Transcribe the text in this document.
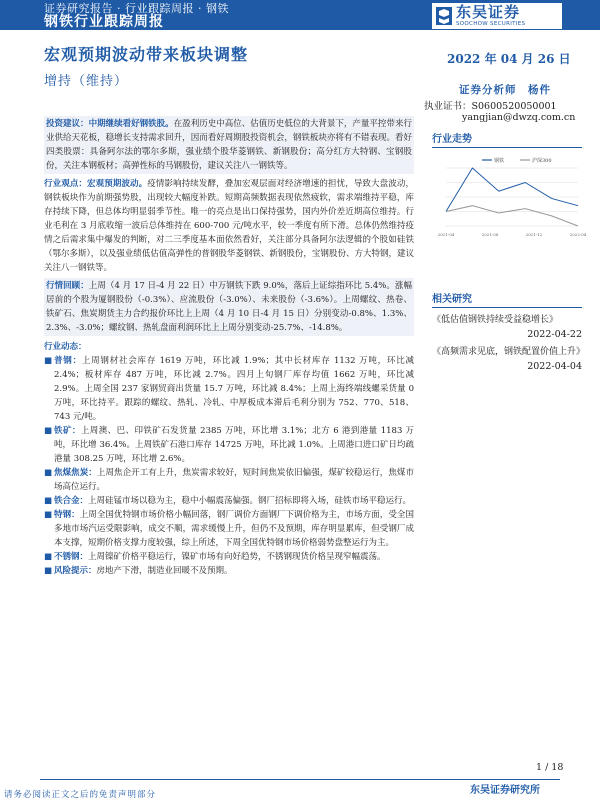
证券研究报告 · 行业跟踪周报 · 钢铁
钢铁行业跟踪周报
东吴证券
SOOCHOW SECURITIES
宏观预期波动带来板块调整	2022 年 04 月 26 日
增持（维持）
证券分析师　杨件
执业证书：S0600520050001
yangjian@dwzq.com.cn

投资建议：中期继续看好钢铁股。在盈利历史中高位、估值历史低位的大背景下，产量平控带来行业供给天花板，稳增长支持需求回升，因而看好周期股投资机会，钢铁板块亦将有不错表现。看好四类股票：具备阿尔法的鄂尔多斯，强业绩个股华菱钢铁、新钢股份；高分红方大特钢、宝钢股份，关注本钢板材；高弹性标的马钢股份，建议关注八一钢铁等。

行业观点：宏观预期波动。疫情影响持续发酵，叠加宏观层面对经济增速的担忧，导致大盘波动，钢铁板块作为前期强势股，出现较大幅度补跌。短期高频数据表现依然疲软，需求端维持平稳，库存持续下降，但总体均明显弱季节性。唯一的亮点是出口保持强势，国内外价差近期高位维持。行业毛利在 3 月底收缩一波后总体维持在 600-700 元/吨水平，较一季度有所下滑。总体仍然维持疫情之后需求集中爆发的判断，对二三季度基本面依然看好，关注部分具备阿尔法逻辑的个股如硅铁（鄂尔多斯），以及强业绩低估值高弹性的普钢股华菱钢铁、新钢股份，宝钢股份、方大特钢，建议关注八一钢铁等。

行情回顾：上周（4 月 17 日-4 月 22 日）中万钢铁下跌 9.0%，落后上证综指环比 5.4%。涨幅居前的个股为厦钢股份（-0.3%）、应流股份（-3.0%）、未来股份（-3.6%）。上周螺纹、热卷、铁矿石、焦炭期货主力合约报价环比上上周（4 月 10 日-4 月 15 日）分别变动-0.8%、1.3%、2.3%、-3.0%；螺纹钢、热轧盘面利润环比上上周分别变动-25.7%、-14.8%。

行业动态：
■ 普钢：上周钢材社会库存 1619 万吨，环比减 1.9%；其中长材库存 1132 万吨，环比减 2.4%；板材库存 487 万吨，环比减 2.7%。四月上旬钢厂库存均值 1662 万吨，环比减 2.9%。上周全国 237 家钢贸商出货量 15.7 万吨，环比减 8.4%；上周上海终端线螺采货量 0 万吨，环比持平。跟踪的螺纹、热轧、冷轧、中厚板成本滞后毛利分别为 752、770、518、743 元/吨。

■ 铁矿：上周澳、巴、印铁矿石发货量 2385 万吨，环比增 3.1%；北方 6 港到港量 1183 万吨，环比增 36.4%。上周铁矿石港口库存 14725 万吨，环比减 1.0%。上周港口进口矿日均疏港量 308.25 万吨，环比增 2.6%。

■ 焦煤焦炭：上周焦企开工有上升，焦炭需求较好，短时间焦炭依旧偏强，煤矿较稳运行，焦煤市场高位运行。

■ 铁合金：上周硅锰市场以稳为主，稳中小幅震荡偏强。钢厂招标即将入场，硅铁市场平稳运行。

■ 特钢：上周全国优特钢市场价格小幅回落，钢厂调价方面钢厂下调价格为主，市场方面，受全国多地市场汽运受限影响，成交不顺，需求缓慢上升，但仍不及预期，库存明显累库，但受钢厂成本支撑，短期价格支撑力度较强，综上所述，下周全国优特钢市场价格弱势盘整运行为主。

■ 不锈钢：上周镍矿价格平稳运行，镍矿市场有向好趋势，不锈钢现货价格呈现窄幅震荡。

■ 风险提示：房地产下滑，制造业回暖不及预期。

行业走势
2021-04	2021-08	2021-12	2022-04
钢铁	沪深300
相关研究
《低估值钢铁持续受益稳增长》
2022-04-22
《高频需求见底，钢铁配置价值上升》
2022-04-04
1 / 18
东吴证券研究所
请务必阅读正文之后的免责声明部分
